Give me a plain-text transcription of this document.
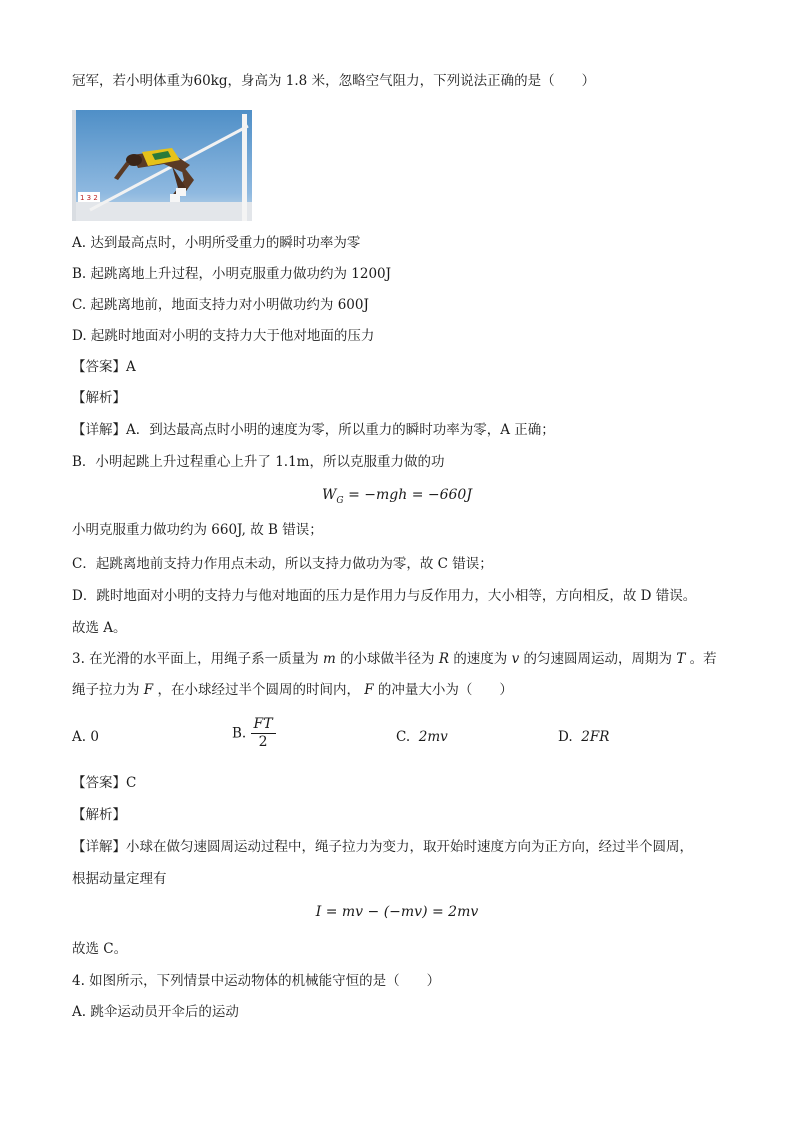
冠军，若小明体重为60kg，身高为 1.8 米，忽略空气阻力，下列说法正确的是（　　）
1 3 2
A. 达到最高点时，小明所受重力的瞬时功率为零
B. 起跳离地上升过程，小明克服重力做功约为 1200J
C. 起跳离地前，地面支持力对小明做功约为 600J
D. 起跳时地面对小明的支持力大于他对地面的压力
【答案】A
【解析】
【详解】A．到达最高点时小明的速度为零，所以重力的瞬时功率为零，A 正确；
B．小明起跳上升过程重心上升了 1.1m，所以克服重力做的功
$W_G = -mgh = -660J$
小明克服重力做功约为 660J, 故 B 错误；
C．起跳离地前支持力作用点未动，所以支持力做功为零，故 C 错误；
D．跳时地面对小明的支持力与他对地面的压力是作用力与反作用力，大小相等，方向相反，故 D 错误。
故选 A。
3. 在光滑的水平面上，用绳子系一质量为 m 的小球做半径为 R 的速度为 v 的匀速圆周运动，周期为 T 。若
绳子拉力为 F ，在小球经过半个圆周的时间内， F 的冲量大小为（　　）
A. 0	B. $\frac{FT}{2}$	C. 2mv	D. 2FR
【答案】C
【解析】
【详解】小球在做匀速圆周运动过程中，绳子拉力为变力，取开始时速度方向为正方向，经过半个圆周，
根据动量定理有
I = mv − (−mv) = 2mv
故选 C。
4. 如图所示，下列情景中运动物体的机械能守恒的是（　　）
A. 跳伞运动员开伞后的运动
